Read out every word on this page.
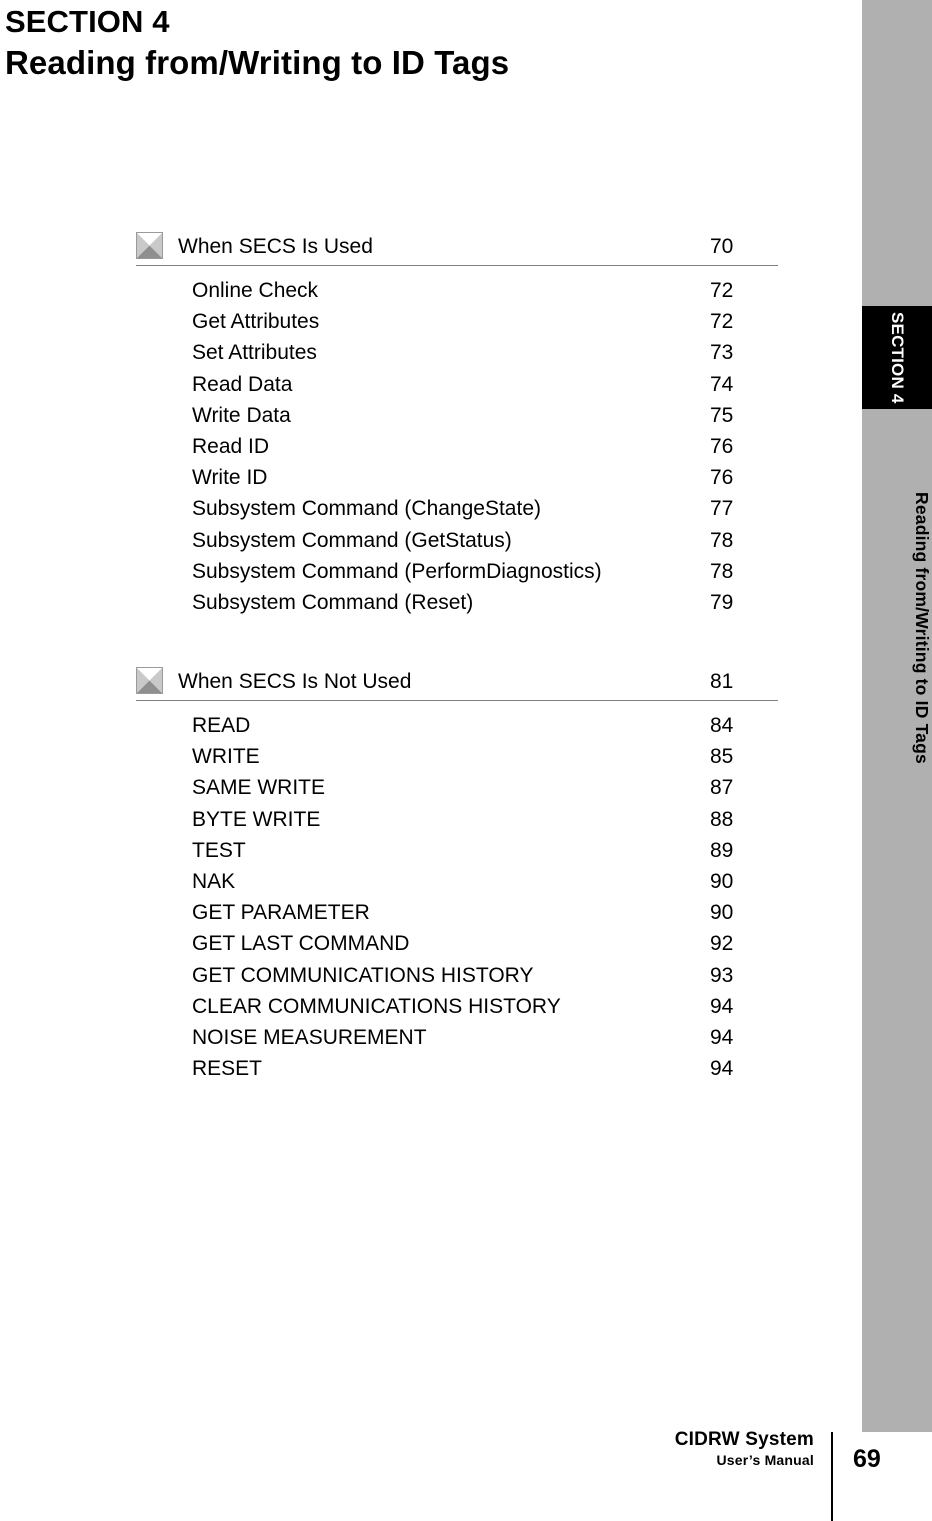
SECTION 4
Reading from/Writing to ID Tags
When SECS Is Used	70
Online Check	72
Get Attributes	72
Set Attributes	73
Read Data	74
Write Data	75
Read ID	76
Write ID	76
Subsystem Command (ChangeState)	77
Subsystem Command (GetStatus)	78
Subsystem Command (PerformDiagnostics)	78
Subsystem Command (Reset)	79
When SECS Is Not Used	81
READ	84
WRITE	85
SAME WRITE	87
BYTE WRITE	88
TEST	89
NAK	90
GET PARAMETER	90
GET LAST COMMAND	92
GET COMMUNICATIONS HISTORY	93
CLEAR COMMUNICATIONS HISTORY	94
NOISE MEASUREMENT	94
RESET	94
SECTION 4
Reading from/Writing to ID Tags
CIDRW System
User’s Manual 69
